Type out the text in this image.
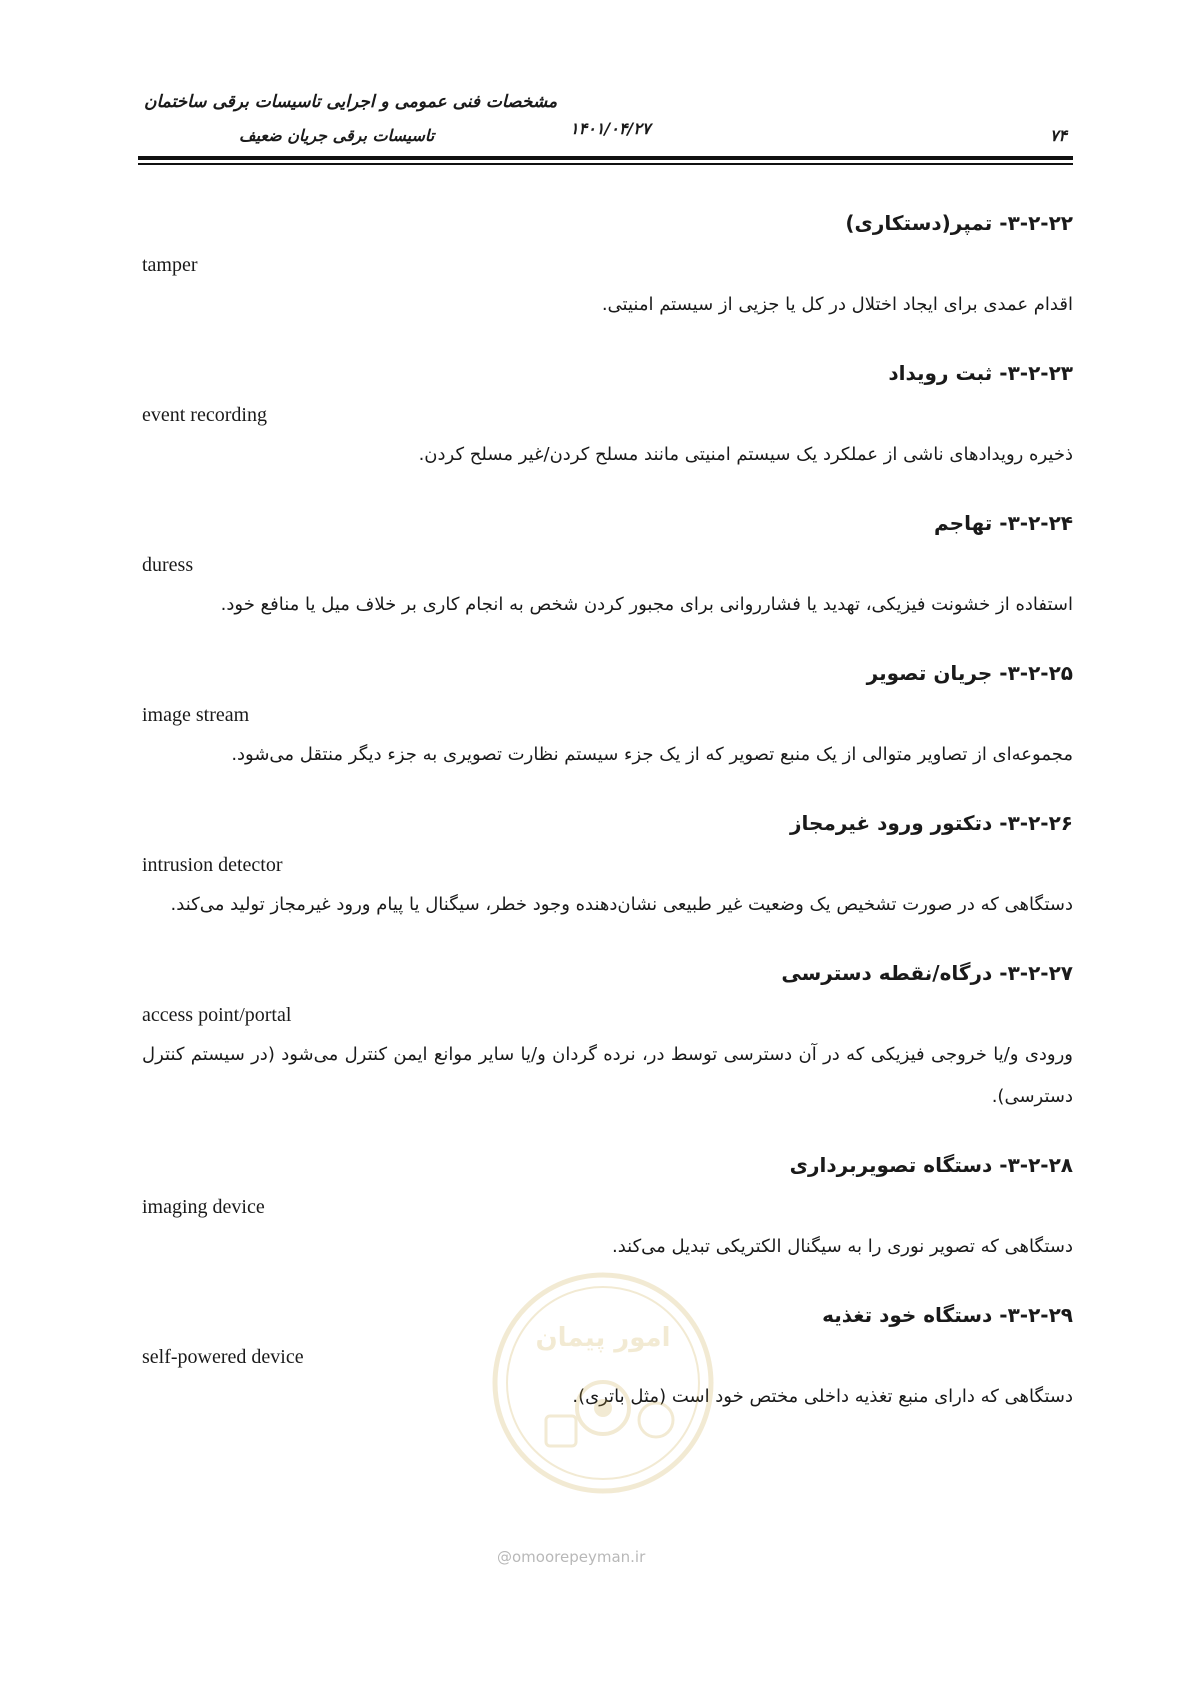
مشخصات فنی عمومی و اجرایی تاسیسات برقی ساختمان
تاسیسات برقی جریان ضعیف	۱۴۰۱/۰۴/۲۷	۷۴
۳-۲-۲۲- تمپر(دستکاری)
tamper

اقدام عمدی برای ایجاد اختلال در کل یا جزیی از سیستم امنیتی.

۳-۲-۲۳- ثبت رویداد
event recording

ذخیره رویدادهای ناشی از عملکرد یک سیستم امنیتی مانند مسلح کردن/غیر مسلح کردن.

۳-۲-۲۴- تهاجم
duress

استفاده از خشونت فیزیکی، تهدید یا فشارروانی برای مجبور کردن شخص به انجام کاری بر خلاف میل یا منافع خود.

۳-۲-۲۵- جریان تصویر
image stream

مجموعه‌ای از تصاویر متوالی از یک منبع تصویر که از یک جزء سیستم نظارت تصویری به جزء دیگر منتقل می‌شود.

۳-۲-۲۶- دتکتور ورود غیرمجاز
intrusion detector

دستگاهی که در صورت تشخیص یک وضعیت غیر طبیعی نشان‌دهنده وجود خطر، سیگنال یا پیام ورود غیرمجاز تولید می‌کند.

۳-۲-۲۷- درگاه/نقطه دسترسی
access point/portal

ورودی و/یا خروجی فیزیکی که در آن دسترسی توسط در، نرده گردان و/یا سایر موانع ایمن کنترل می‌شود (در سیستم کنترل دسترسی).

۳-۲-۲۸- دستگاه تصویربرداری
imaging device

دستگاهی که تصویر نوری را به سیگنال الکتریکی تبدیل می‌کند.

۳-۲-۲۹- دستگاه خود تغذیه
self-powered device

دستگاهی که دارای منبع تغذیه داخلی مختص خود است (مثل باتری).

امور پیمان
@omoorepeyman.ir
